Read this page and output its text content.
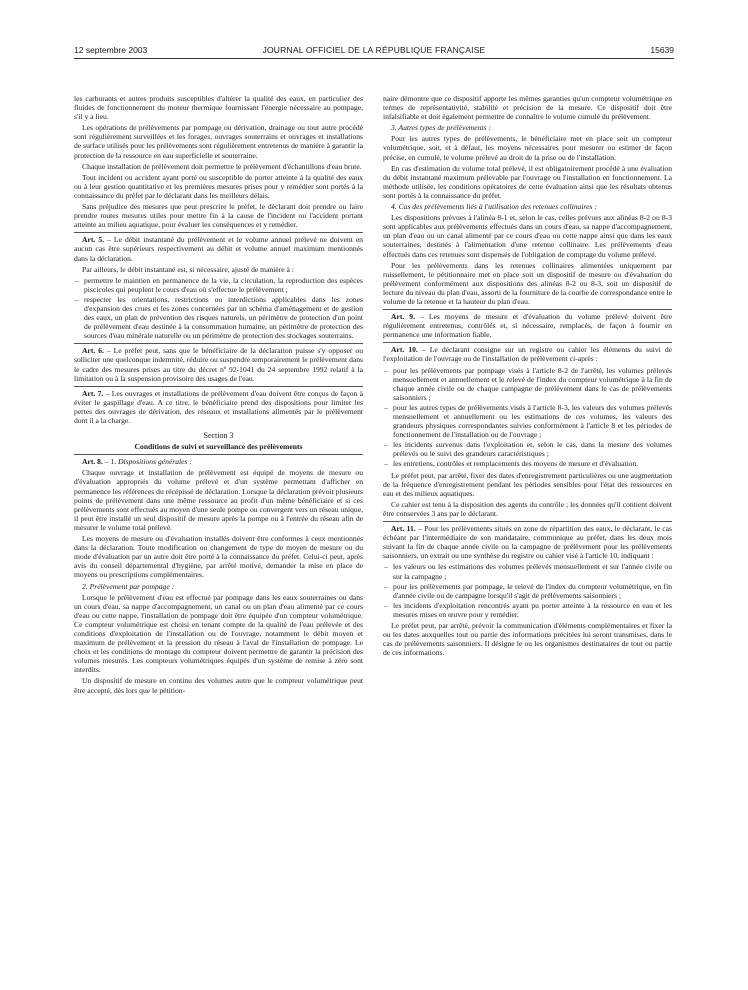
12 septembre 2003	JOURNAL OFFICIEL DE LA RÉPUBLIQUE FRANÇAISE	15639

les carburants et autres produits susceptibles d'altérer la qualité des eaux, en particulier des fluides de fonctionnement du moteur thermique fournissant l'énergie nécessaire au pompage, s'il y a lieu.

Les opérations de prélèvements par pompage ou dérivation, drainage ou tout autre procédé sont régulièrement surveillées et les forages, ouvrages souterrains et ouvrages et installations de surface utilisés pour les prélèvements sont régulièrement entretenus de manière à garantir la protection de la ressource en eau superficielle et souterraine.

Chaque installation de prélèvement doit permettre le prélèvement d'échantillons d'eau brute.

Tout incident ou accident ayant porté ou susceptible de porter atteinte à la qualité des eaux ou à leur gestion quantitative et les premières mesures prises pour y remédier sont portés à la connaissance du préfet par le déclarant dans les meilleurs délais.

Sans préjudice des mesures que peut prescrire le préfet, le déclarant doit prendre ou faire prendre toutes mesures utiles pour mettre fin à la cause de l'incident ou l'accident portant atteinte au milieu aquatique, pour évaluer les conséquences et y remédier.

Art. 5. – Le débit instantané du prélèvement et le volume annuel prélevé ne doivent en aucun cas être supérieurs respectivement au débit et volume annuel maximum mentionnés dans la déclaration.

Par ailleurs, le débit instantané est, si nécessaire, ajusté de manière à :

– permettre le maintien en permanence de la vie, la circulation, la reproduction des espèces piscicoles qui peuplent le cours d'eau où s'effectue le prélèvement ;
– respecter les orientations, restrictions ou interdictions applicables dans les zones d'expansion des crues et les zones concernées par un schéma d'aménagement et de gestion des eaux, un plan de prévention des risques naturels, un périmètre de protection d'un point de prélèvement d'eau destinée à la consommation humaine, un périmètre de protection des sources d'eau minérale naturelle ou un périmètre de protection des stockages souterrains.

Art. 6. – Le préfet peut, sans que le bénéficiaire de la déclaration puisse s'y opposer ou solliciter une quelconque indemnité, réduire ou suspendre temporairement le prélèvement dans le cadre des mesures prises au titre du décret nº 92-1041 du 24 septembre 1992 relatif à la limitation ou à la suspension provisoire des usages de l'eau.

Art. 7. – Les ouvrages et installations de prélèvement d'eau doivent être conçus de façon à éviter le gaspillage d'eau. A ce titre, le bénéficiaire prend des dispositions pour limiter les pertes des ouvrages de dérivation, des réseaux et installations alimentés par le prélèvement dont il a la charge.

Section 3

Conditions de suivi et surveillance des prélèvements

Art. 8. – 1. Dispositions générales :

Chaque ouvrage et installation de prélèvement est équipé de moyens de mesure ou d'évaluation appropriés du volume prélevé et d'un système permettant d'afficher en permanence les références du récépissé de déclaration. Lorsque la déclaration prévoit plusieurs points de prélèvement dans une même ressource au profit d'un même bénéficiaire et si ces prélèvements sont effectués au moyen d'une seule pompe ou convergent vers un réseau unique, il peut être installé un seul dispositif de mesure après la pompe ou à l'entrée du réseau afin de mesurer le volume total prélevé.

Les moyens de mesure ou d'évaluation installés doivent être conformes à ceux mentionnés dans la déclaration. Toute modification ou changement de type de moyen de mesure ou du mode d'évaluation par un autre doit être porté à la connaissance du préfet. Celui-ci peut, après avis du conseil départemental d'hygiène, par arrêté motivé, demander la mise en place de moyens ou prescriptions complémentaires.

2. Prélèvement par pompage :

Lorsque le prélèvement d'eau est effectué par pompage dans les eaux souterraines ou dans un cours d'eau, sa nappe d'accompagnement, un canal ou un plan d'eau alimenté par ce cours d'eau ou cette nappe, l'installation de pompage doit être équipée d'un compteur volumétrique. Ce compteur volumétrique est choisi en tenant compte de la qualité de l'eau prélevée et des conditions d'exploitation de l'installation ou de l'ouvrage, notamment le débit moyen et maximum de prélèvement et la pression du réseau à l'aval de l'installation de pompage. Le choix et les conditions de montage du compteur doivent permettre de garantir la précision des volumes mesurés. Les compteurs volumétriques équipés d'un système de remise à zéro sont interdits.

Un dispositif de mesure en continu des volumes autre que le compteur volumétrique peut être accepté, dès lors que le pétition-

naire démontre que ce dispositif apporte les mêmes garanties qu'un compteur volumétrique en termes de représentativité, stabilité et précision de la mesure. Ce dispositif doit être infalsifiable et doit également permettre de connaître le volume cumulé du prélèvement.

3. Autres types de prélèvements :

Pour les autres types de prélèvements, le bénéficiaire met en place soit un compteur volumétrique, soit, et à défaut, les moyens nécessaires pour mesurer ou estimer de façon précise, en cumulé, le volume prélevé au droit de la prise ou de l'installation.

En cas d'estimation du volume total prélevé, il est obligatoirement procédé à une évaluation du débit instantané maximum prélevable par l'ouvrage ou l'installation en fonctionnement. La méthode utilisée, les conditions opératoires de cette évaluation ainsi que les résultats obtenus sont portés à la connaissance du préfet.

4. Cas des prélèvements liés à l'utilisation des retenues collinaires :

Les dispositions prévues à l'alinéa 8-1 et, selon le cas, celles prévues aux alinéas 8-2 ou 8-3 sont applicables aux prélèvements effectués dans un cours d'eau, sa nappe d'accompagnement, un plan d'eau ou un canal alimenté par ce cours d'eau ou cette nappe ainsi que dans les eaux souterraines, destinés à l'alimentation d'une retenue collinaire. Les prélèvements d'eau effectués dans ces retenues sont dispensés de l'obligation de comptage du volume prélevé.

Pour les prélèvements dans les retenues collinaires alimentées uniquement par ruissellement, le pétitionnaire met en place soit un dispositif de mesure ou d'évaluation du prélèvement conformément aux dispositions des alinéas 8-2 ou 8-3, soit un dispositif de lecture du niveau du plan d'eau, assorti de la fourniture de la courbe de correspondance entre le volume de la retenue et la hauteur du plan d'eau.

Art. 9. – Les moyens de mesure et d'évaluation du volume prélevé doivent être régulièrement entretenus, contrôlés et, si nécessaire, remplacés, de façon à fournir en permanence une information fiable.

Art. 10. – Le déclarant consigne sur un registre ou cahier les éléments du suivi de l'exploitation de l'ouvrage ou de l'installation de prélèvement ci-après :

– pour les prélèvements par pompage visés à l'article 8-2 de l'arrêté, les volumes prélevés mensuellement et annuellement et le relevé de l'index du compteur volumétrique à la fin de chaque année civile ou de chaque campagne de prélèvement dans le cas de prélèvements saisonniers ;
– pour les autres types de prélèvements visés à l'article 8-3, les valeurs des volumes prélevés mensuellement et annuellement ou les estimations de ces volumes, les valeurs des grandeurs physiques correspondantes suivies conformément à l'article 8 et les périodes de fonctionnement de l'installation ou de l'ouvrage ;
– les incidents survenus dans l'exploitation et, selon le cas, dans la mesure des volumes prélevés ou le suivi des grandeurs caractéristiques ;
– les entretiens, contrôles et remplacements des moyens de mesure et d'évaluation.

Le préfet peut, par arrêté, fixer des dates d'enregistrement particulières ou une augmentation de la fréquence d'enregistrement pendant les périodes sensibles pour l'état des ressources en eau et des milieux aquatiques.

Ce cahier est tenu à la disposition des agents du contrôle ; les données qu'il contient doivent être conservées 3 ans par le déclarant.

Art. 11. – Pour les prélèvements situés en zone de répartition des eaux, le déclarant, le cas échéant par l'intermédiaire de son mandataire, communique au préfet, dans les deux mois suivant la fin de chaque année civile ou la campagne de prélèvement pour les prélèvements saisonniers, un extrait ou une synthèse du registre ou cahier visé à l'article 10, indiquant :

– les valeurs ou les estimations des volumes prélevés mensuellement et sur l'année civile ou sur la campagne ;
– pour les prélèvements par pompage, le relevé de l'index du compteur volumétrique, en fin d'année civile ou de campagne lorsqu'il s'agit de prélèvements saisonniers ;
– les incidents d'exploitation rencontrés ayant pu porter atteinte à la ressource en eau et les mesures mises en œuvre pour y remédier.

Le préfet peut, par arrêté, prévoir la communication d'éléments complémentaires et fixer la ou les dates auxquelles tout ou partie des informations précitées lui seront transmises, dans le cas de prélèvements saisonniers. Il désigne le ou les organismes destinataires de tout ou partie de ces informations.
